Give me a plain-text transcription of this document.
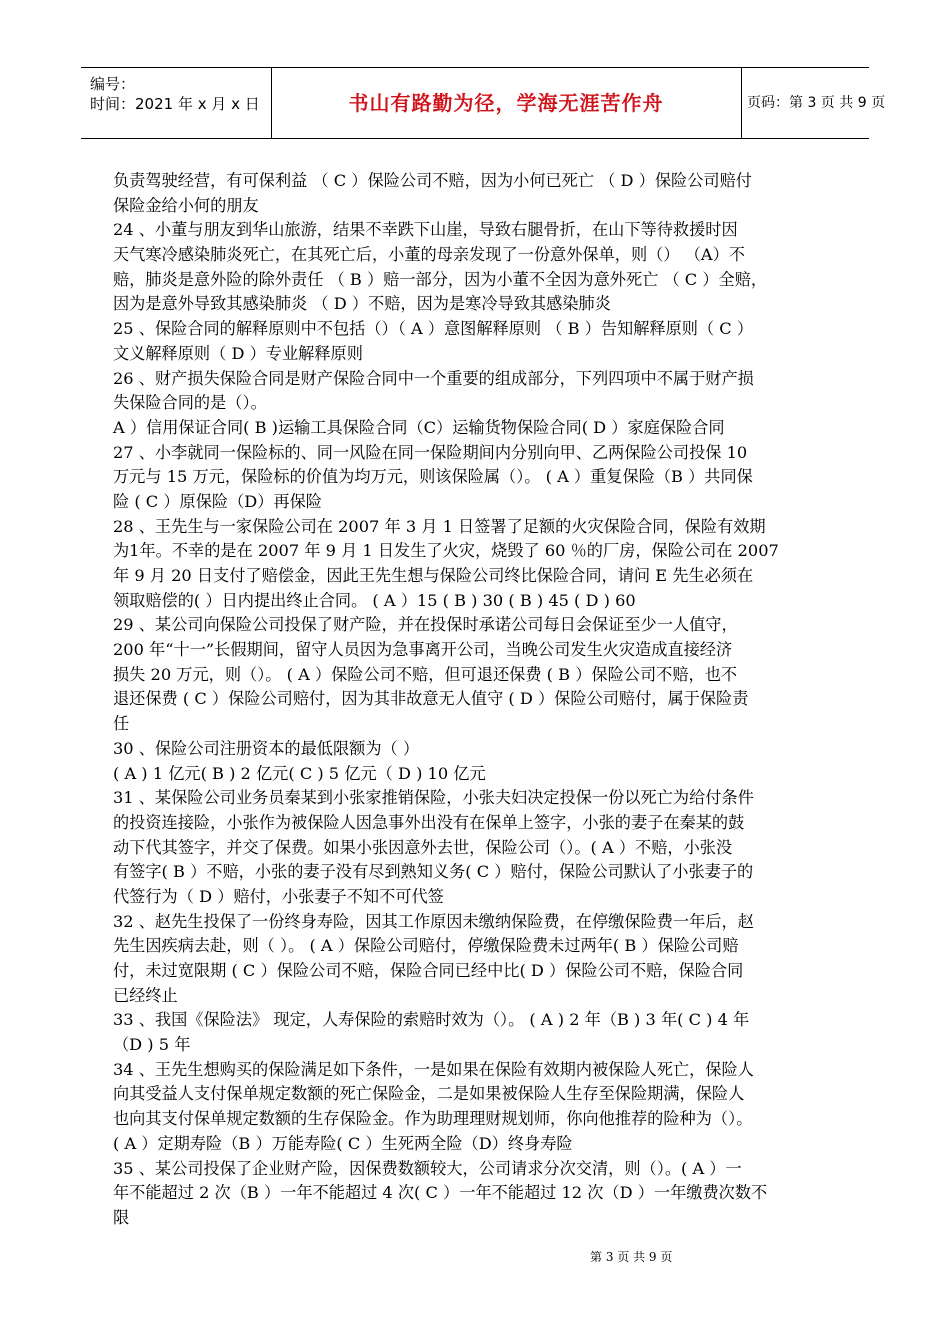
编号：
时间：2021 年 x 月 x 日	书山有路勤为径，学海无涯苦作舟	页码：第 3 页 共 9 页
负责驾驶经营，有可保利益 （ C ）保险公司不赔，因为小何已死亡 （ D ）保险公司赔付
保险金给小何的朋友
24 、小董与朋友到华山旅游，结果不幸跌下山崖，导致右腿骨折，在山下等待救援时因
天气寒冷感染肺炎死亡，在其死亡后，小董的母亲发现了一份意外保单，则（） （A）不
赔，肺炎是意外险的除外责任 （ B ）赔一部分，因为小董不全因为意外死亡 （ C ）全赔，
因为是意外导致其感染肺炎 （ D ）不赔，因为是寒冷导致其感染肺炎
25 、保险合同的解释原则中不包括（）（ A ）意图解释原则 （ B ）告知解释原则（ C ）
文义解释原则（ D ）专业解释原则
26 、财产损失保险合同是财产保险合同中一个重要的组成部分，下列四项中不属于财产损
失保险合同的是（）。
A ）信用保证合同( B )运输工具保险合同（C）运输货物保险合同( D ）家庭保险合同
27 、小李就同一保险标的、同一风险在同一保险期间内分别向甲、乙两保险公司投保 10
万元与 15 万元，保险标的价值为均万元，则该保险属（）。 ( A ）重复保险（B ）共同保
险 ( C ）原保险（D）再保险
28 、王先生与一家保险公司在 2007 年 3 月 1 日签署了足额的火灾保险合同，保险有效期
为1年。不幸的是在 2007 年 9 月 1 日发生了火灾，烧毁了 60 ％的厂房，保险公司在 2007
年 9 月 20 日支付了赔偿金，因此王先生想与保险公司终比保险合同，请问 E 先生必须在
领取赔偿的( ）日内提出终止合同。 ( A ）15 ( B ) 30 ( B ) 45 ( D ) 60
29 、某公司向保险公司投保了财产险，并在投保时承诺公司每日会保证至少一人值守，
200 年“十一”长假期间，留守人员因为急事离开公司，当晚公司发生火灾造成直接经济
损失 20 万元，则（）。 ( A ）保险公司不赔，但可退还保费 ( B ）保险公司不赔，也不
退还保费 ( C ）保险公司赔付，因为其非故意无人值守 ( D ）保险公司赔付，属于保险责
任
30 、保险公司注册资本的最低限额为（ ）
( A ) 1 亿元( B ) 2 亿元( C ) 5 亿元（ D ) 10 亿元
31 、某保险公司业务员秦某到小张家推销保险，小张夫妇决定投保一份以死亡为给付条件
的投资连接险，小张作为被保险人因急事外出没有在保单上签字，小张的妻子在秦某的鼓
动下代其签字，并交了保费。如果小张因意外去世，保险公司（）。( A ）不赔，小张没
有签字( B ）不赔，小张的妻子没有尽到熟知义务( C ）赔付，保险公司默认了小张妻子的
代签行为（ D ）赔付，小张妻子不知不可代签
32 、赵先生投保了一份终身寿险，因其工作原因未缴纳保险费，在停缴保险费一年后，赵
先生因疾病去赴，则（ ）。 ( A ）保险公司赔付，停缴保险费未过两年( B ）保险公司赔
付，未过宽限期 ( C ）保险公司不赔，保险合同已经中比( D ）保险公司不赔，保险合同
已经终止
33 、我国《保险法》 现定，人寿保险的索赔时效为（）。 ( A ) 2 年（B ) 3 年( C ) 4 年
（D ) 5 年
34 、王先生想购买的保险满足如下条件，一是如果在保险有效期内被保险人死亡，保险人
向其受益人支付保单规定数额的死亡保险金，二是如果被保险人生存至保险期满，保险人
也向其支付保单规定数额的生存保险金。作为助理理财规划师，你向他推荐的险种为（）。
( A ）定期寿险（B ）万能寿险( C ）生死两全险（D）终身寿险
35 、某公司投保了企业财产险，因保费数额较大，公司请求分次交清，则（）。( A ）一
年不能超过 2 次（B ）一年不能超过 4 次( C ）一年不能超过 12 次（D ）一年缴费次数不
限
第 3 页 共 9 页
